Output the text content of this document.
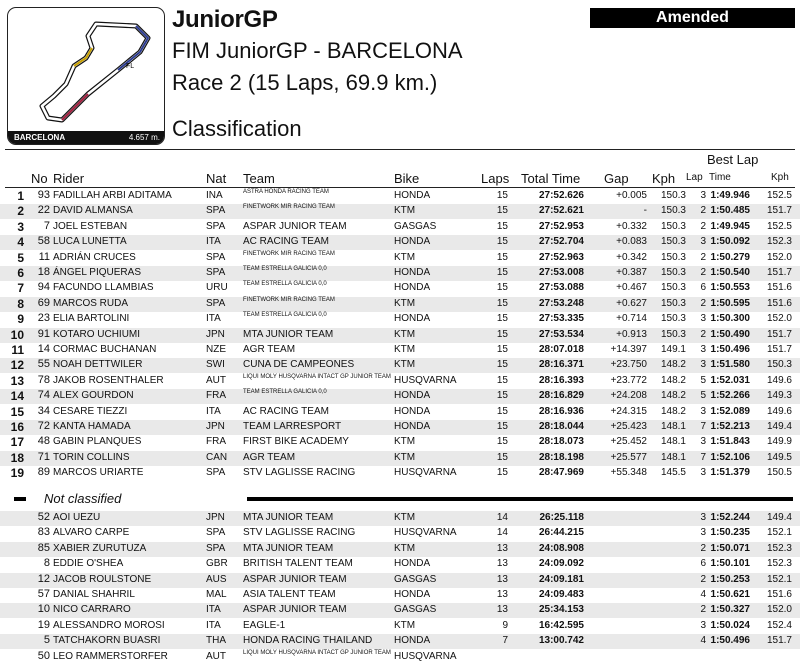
FL
BARCELONA	4.657 m.
JuniorGP
FIM JuniorGP - BARCELONA
Race 2 (15 Laps, 69.9 km.)
Classification
Amended
No Rider	Nat Team	Bike	Laps Total Time Gap Kph
Best Lap
Lap Time	Kph
1 93 FADILLAH ARBI ADITAMA	INA	ASTRA HONDA RACING TEAM	HONDA	15	27:52.626	+0.005 150.3 3 1:49.946 152.5
2 22 DAVID ALMANSA	SPA	FINETWORK MIR RACING TEAM	KTM	15	27:52.621	- 150.3 2 1:50.485 151.7
3 7 JOEL ESTEBAN	SPA ASPAR JUNIOR TEAM	GASGAS	15	27:52.953	+0.332 150.3 2 1:49.945 152.5
4 58 LUCA LUNETTA	ITA AC RACING TEAM	HONDA	15	27:52.704	+0.083 150.3 3 1:50.092 152.3
5 11 ADRIÁN CRUCES	SPA	FINETWORK MIR RACING TEAM	KTM	15	27:52.963	+0.342 150.3 2 1:50.279 152.0
6 18 ÁNGEL PIQUERAS	SPA	TEAM ESTRELLA GALICIA 0,0	HONDA	15	27:53.008	+0.387 150.3 2 1:50.540 151.7
7 94 FACUNDO LLAMBIAS	URU	TEAM ESTRELLA GALICIA 0,0	HONDA	15	27:53.088	+0.467 150.3 6 1:50.553 151.6
8 69 MARCOS RUDA	SPA	FINETWORK MIR RACING TEAM	KTM	15	27:53.248	+0.627 150.3 2 1:50.595 151.6
9 23 ELIA BARTOLINI	ITA	TEAM ESTRELLA GALICIA 0,0	HONDA	15	27:53.335	+0.714 150.3 3 1:50.300 152.0
10 91 KOTARO UCHIUMI	JPN MTA JUNIOR TEAM	KTM	15	27:53.534	+0.913 150.3 2 1:50.490 151.7
11 14 CORMAC BUCHANAN	NZE AGR TEAM	KTM	15	28:07.018	+14.397 149.1 3 1:50.496 151.7
12 55 NOAH DETTWILER	SWI CUNA DE CAMPEONES	KTM	15	28:16.371	+23.750 148.2 3 1:51.580 150.3
13 78 JAKOB ROSENTHALER	AUT	LIQUI MOLY HUSQVARNA INTACT GP JUNIOR TEAM HUSQVARNA	15	28:16.393	+23.772 148.2 5 1:52.031 149.6
14 74 ALEX GOURDON	FRA	TEAM ESTRELLA GALICIA 0,0	HONDA	15	28:16.829	+24.208 148.2 5 1:52.266 149.3
15 34 CESARE TIEZZI	ITA AC RACING TEAM	HONDA	15	28:16.936	+24.315 148.2 3 1:52.089 149.6
16 72 KANTA HAMADA	JPN TEAM LARRESPORT	HONDA	15	28:18.044	+25.423 148.1 7 1:52.213 149.4
17 48 GABIN PLANQUES	FRA FIRST BIKE ACADEMY	KTM	15	28:18.073	+25.452 148.1 3 1:51.843 149.9
18 71 TORIN COLLINS	CAN AGR TEAM	KTM	15	28:18.198	+25.577 148.1 7 1:52.106 149.5
19 89 MARCOS URIARTE	SPA STV LAGLISSE RACING	HUSQVARNA	15	28:47.969	+55.348 145.5 3 1:51.379 150.5
Not classified
52 AOI UEZU	JPN MTA JUNIOR TEAM	KTM	14	26:25.118	3 1:52.244 149.4
83 ALVARO CARPE	SPA STV LAGLISSE RACING	HUSQVARNA	14	26:44.215	3 1:50.235 152.1
85 XABIER ZURUTUZA	SPA MTA JUNIOR TEAM	KTM	13	24:08.908	2 1:50.071 152.3
8 EDDIE O'SHEA	GBR BRITISH TALENT TEAM	HONDA	13	24:09.092	6 1:50.101 152.3
12 JACOB ROULSTONE	AUS ASPAR JUNIOR TEAM	GASGAS	13	24:09.181	2 1:50.253 152.1
57 DANIAL SHAHRIL	MAL ASIA TALENT TEAM	HONDA	13	24:09.483	4 1:50.621 151.6
10 NICO CARRARO	ITA ASPAR JUNIOR TEAM	GASGAS	13	25:34.153	2 1:50.327 152.0
19 ALESSANDRO MOROSI	ITA EAGLE-1	KTM	9	16:42.595	3 1:50.024 152.4
5 TATCHAKORN BUASRI	THA HONDA RACING THAILAND HONDA	7	13:00.742	4 1:50.496 151.7
50 LEO RAMMERSTORFER	AUT	LIQUI MOLY HUSQVARNA INTACT GP JUNIOR TEAM HUSQVARNA
